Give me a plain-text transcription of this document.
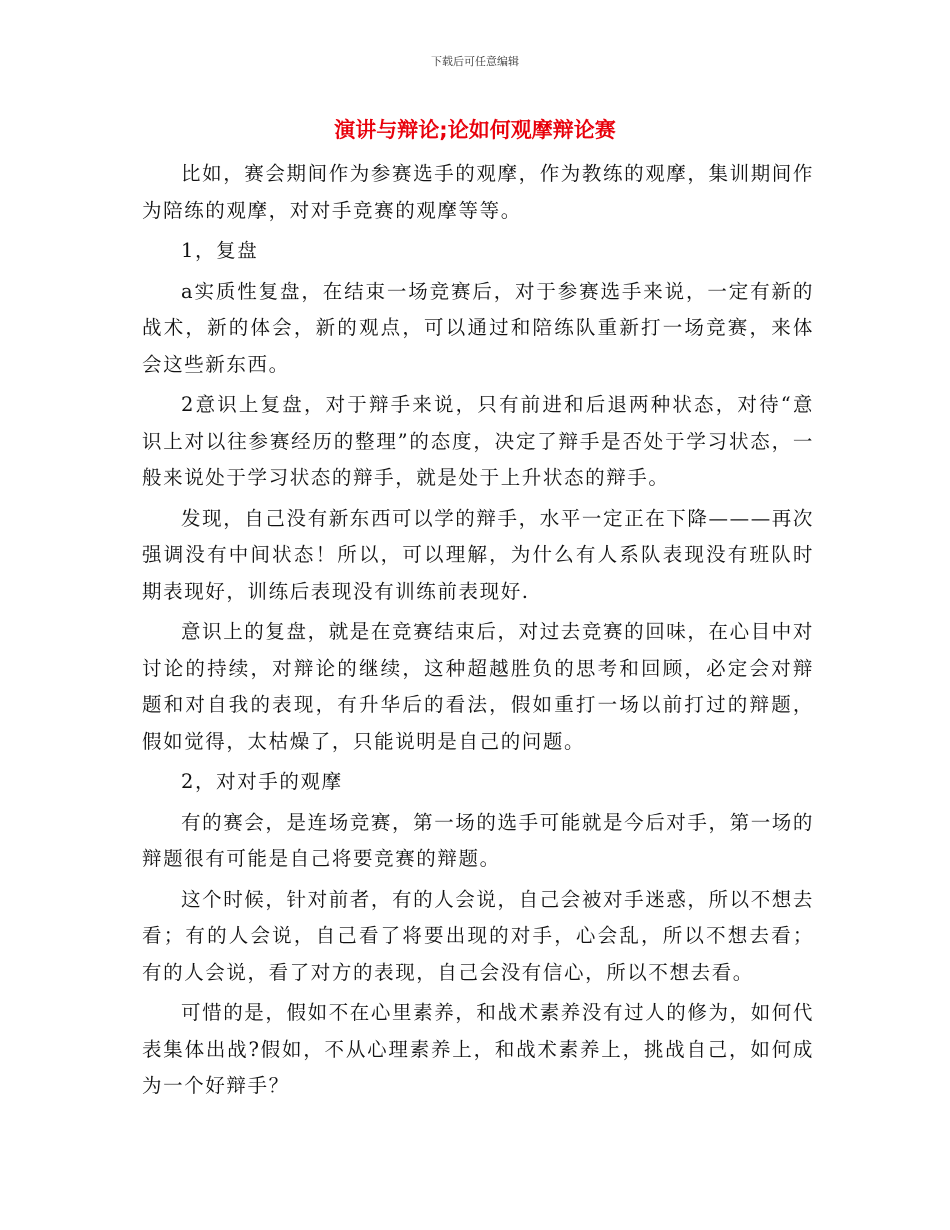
下载后可任意编辑
演讲与辩论;论如何观摩辩论赛

比如，赛会期间作为参赛选手的观摩，作为教练的观摩，集训期间作为陪练的观摩，对对手竞赛的观摩等等。

1，复盘

a实质性复盘，在结束一场竞赛后，对于参赛选手来说，一定有新的战术，新的体会，新的观点，可以通过和陪练队重新打一场竞赛，来体会这些新东西。

2意识上复盘，对于辩手来说，只有前进和后退两种状态，对待“意识上对以往参赛经历的整理”的态度，决定了辩手是否处于学习状态，一般来说处于学习状态的辩手，就是处于上升状态的辩手。

发现，自己没有新东西可以学的辩手，水平一定正在下降———再次强调没有中间状态！所以，可以理解，为什么有人系队表现没有班队时期表现好，训练后表现没有训练前表现好.

意识上的复盘，就是在竞赛结束后，对过去竞赛的回味，在心目中对讨论的持续，对辩论的继续，这种超越胜负的思考和回顾，必定会对辩题和对自我的表现，有升华后的看法，假如重打一场以前打过的辩题，假如觉得，太枯燥了，只能说明是自己的问题。

2，对对手的观摩

有的赛会，是连场竞赛，第一场的选手可能就是今后对手，第一场的辩题很有可能是自己将要竞赛的辩题。

这个时候，针对前者，有的人会说，自己会被对手迷惑，所以不想去看；有的人会说，自己看了将要出现的对手，心会乱，所以不想去看；有的人会说，看了对方的表现，自己会没有信心，所以不想去看。

可惜的是，假如不在心里素养，和战术素养没有过人的修为，如何代表集体出战?假如，不从心理素养上，和战术素养上，挑战自己，如何成为一个好辩手？
